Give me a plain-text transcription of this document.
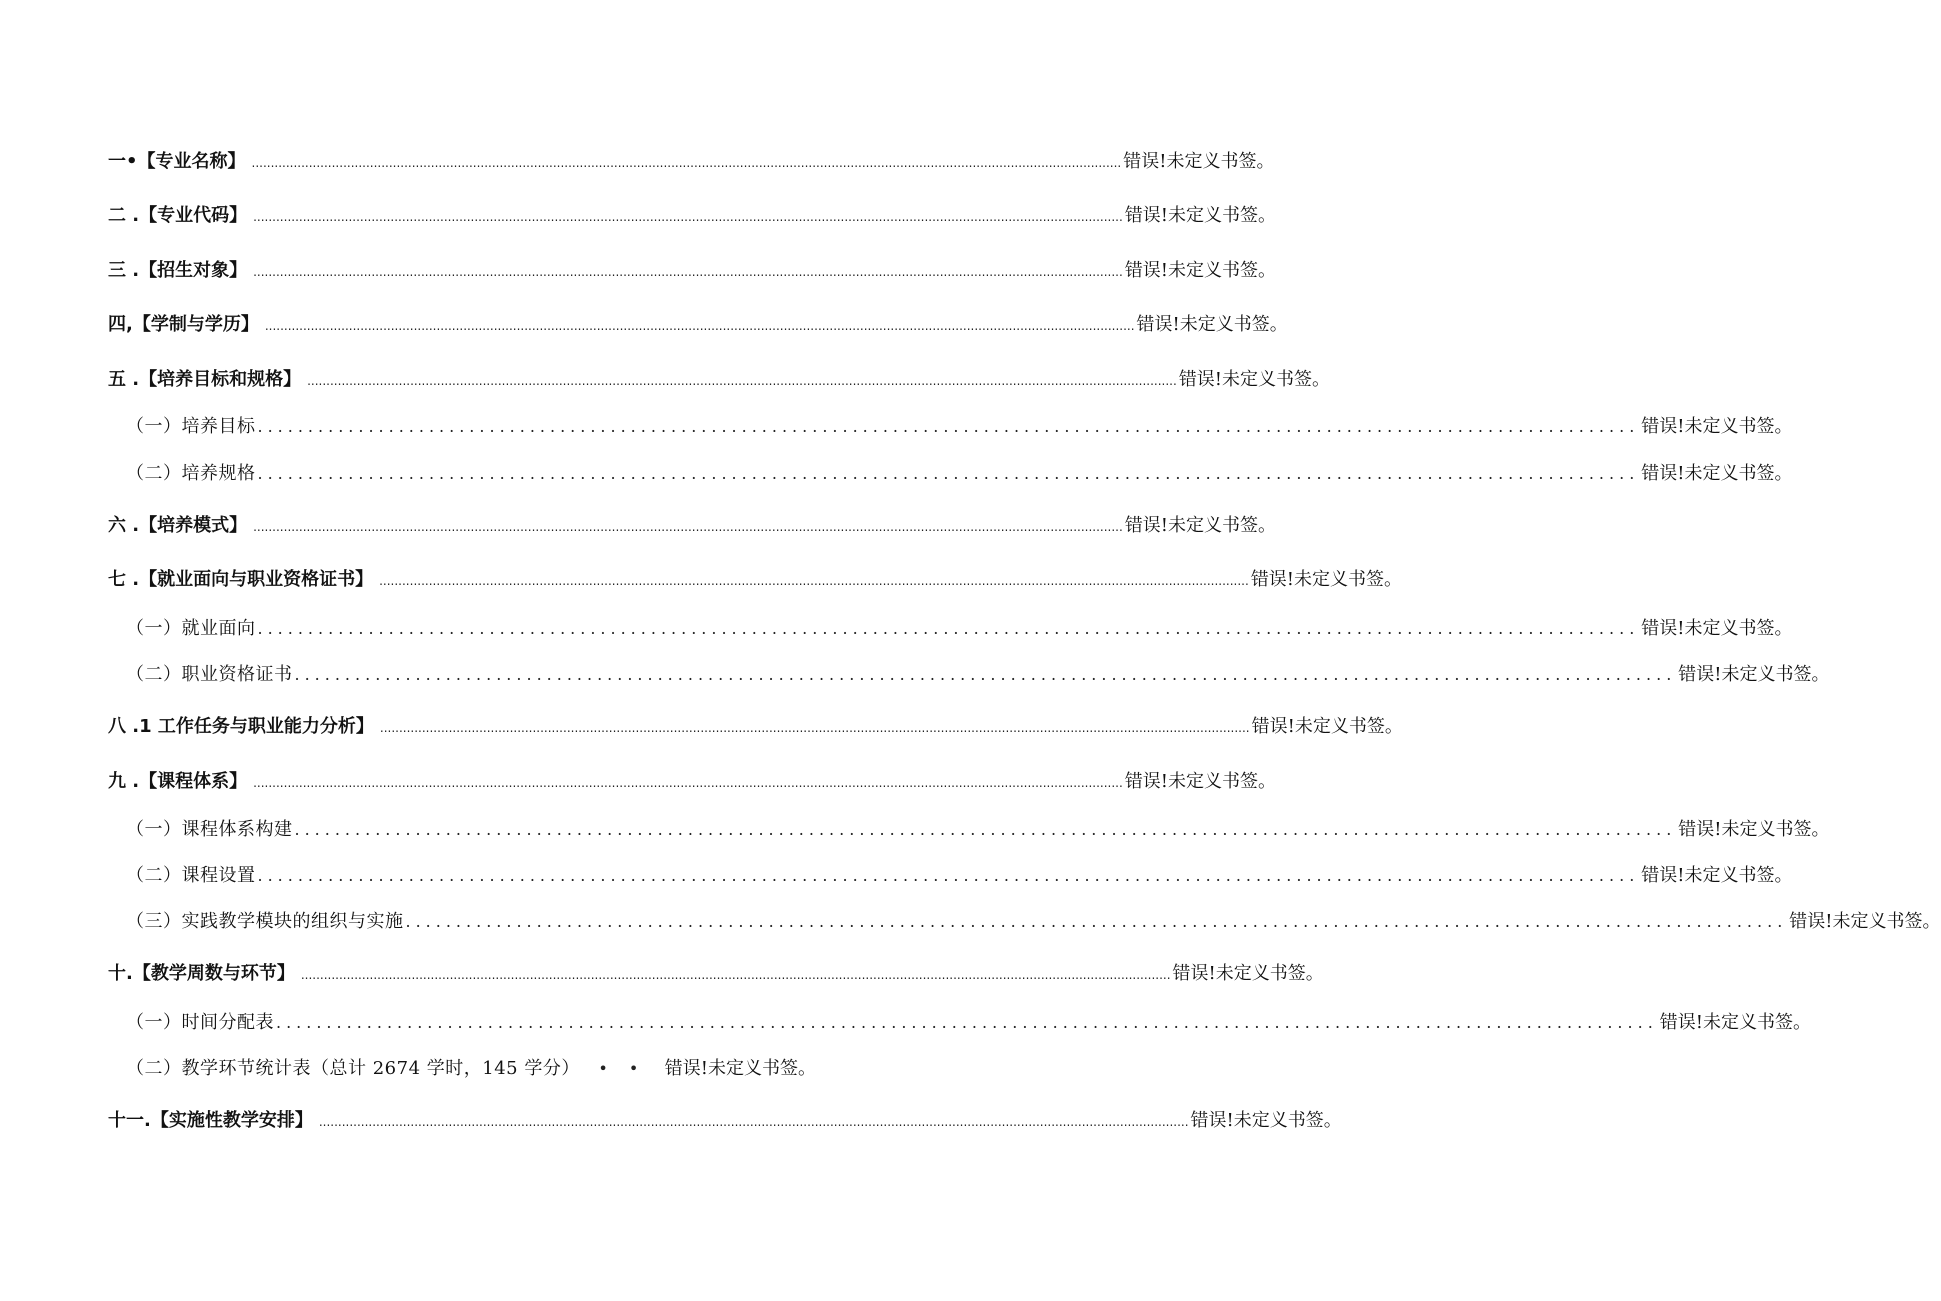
一•【专业名称】 .................................................................................................................................................................................................................................... 错误!未定义书签。
二 .【专业代码】 .................................................................................................................................................................................................................................... 错误!未定义书签。
三 .【招生对象】 .................................................................................................................................................................................................................................... 错误!未定义书签。
四,【学制与学历】 .................................................................................................................................................................................................................................... 错误!未定义书签。
五 .【培养目标和规格】 .................................................................................................................................................................................................................................... 错误!未定义书签。
（一）培养目标 ......................................................................................................................................... 错误!未定义书签。
（二）培养规格 ......................................................................................................................................... 错误!未定义书签。
六 .【培养模式】 .................................................................................................................................................................................................................................... 错误!未定义书签。
七 .【就业面向与职业资格证书】 .................................................................................................................................................................................................................................... 错误!未定义书签。
（一）就业面向 ......................................................................................................................................... 错误!未定义书签。
（二）职业资格证书 ......................................................................................................................................... 错误!未定义书签。
八 .1 工作任务与职业能力分析】 .................................................................................................................................................................................................................................... 错误!未定义书签。
九 .【课程体系】 .................................................................................................................................................................................................................................... 错误!未定义书签。
（一）课程体系构建 ......................................................................................................................................... 错误!未定义书签。
（二）课程设置 ......................................................................................................................................... 错误!未定义书签。
（三）实践教学模块的组织与实施 ......................................................................................................................................... 错误!未定义书签。
十.【教学周数与环节】 .................................................................................................................................................................................................................................... 错误!未定义书签。
（一）时间分配表 ......................................................................................................................................... 错误!未定义书签。
（二）教学环节统计表（总计 2674 学时，145 学分）	• •	错误!未定义书签。
十一.【实施性教学安排】 .................................................................................................................................................................................................................................... 错误!未定义书签。
